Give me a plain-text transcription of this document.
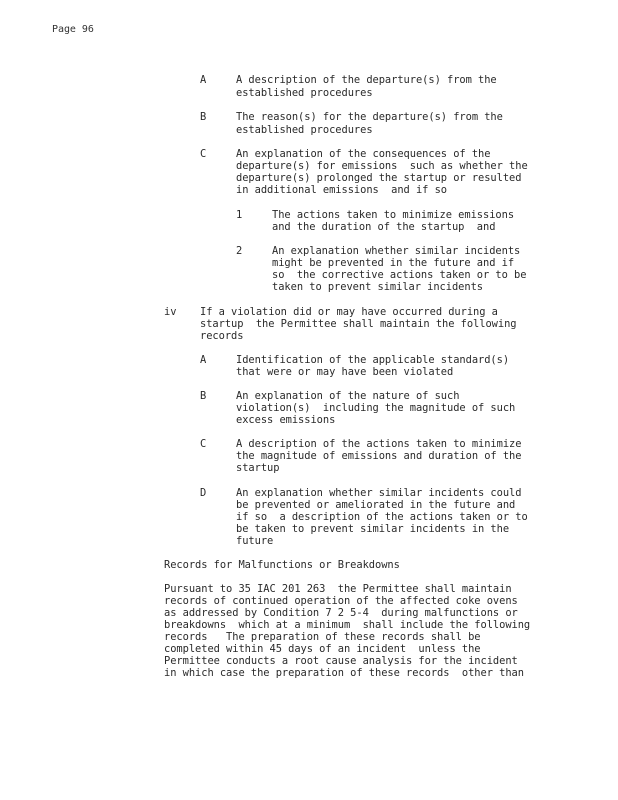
Page 96
A	A description of the departure(s) from the
established procedures
B	The reason(s) for the departure(s) from the
established procedures
C	An explanation of the consequences of the
departure(s) for emissions  such as whether the
departure(s) prolonged the startup or resulted
in additional emissions  and if so
1	The actions taken to minimize emissions
and the duration of the startup  and
2	An explanation whether similar incidents
might be prevented in the future and if
so  the corrective actions taken or to be
taken to prevent similar incidents
iv If a violation did or may have occurred during a
startup  the Permittee shall maintain the following
records
A	Identification of the applicable standard(s)
that were or may have been violated
B	An explanation of the nature of such
violation(s)  including the magnitude of such
excess emissions
C	A description of the actions taken to minimize
the magnitude of emissions and duration of the
startup
D	An explanation whether similar incidents could
be prevented or ameliorated in the future and
if so  a description of the actions taken or to
be taken to prevent similar incidents in the
future
Records for Malfunctions or Breakdowns
Pursuant to 35 IAC 201 263  the Permittee shall maintain
records of continued operation of the affected coke ovens
as addressed by Condition 7 2 5-4  during malfunctions or
breakdowns  which at a minimum  shall include the following
records   The preparation of these records shall be
completed within 45 days of an incident  unless the
Permittee conducts a root cause analysis for the incident
in which case the preparation of these records  other than
